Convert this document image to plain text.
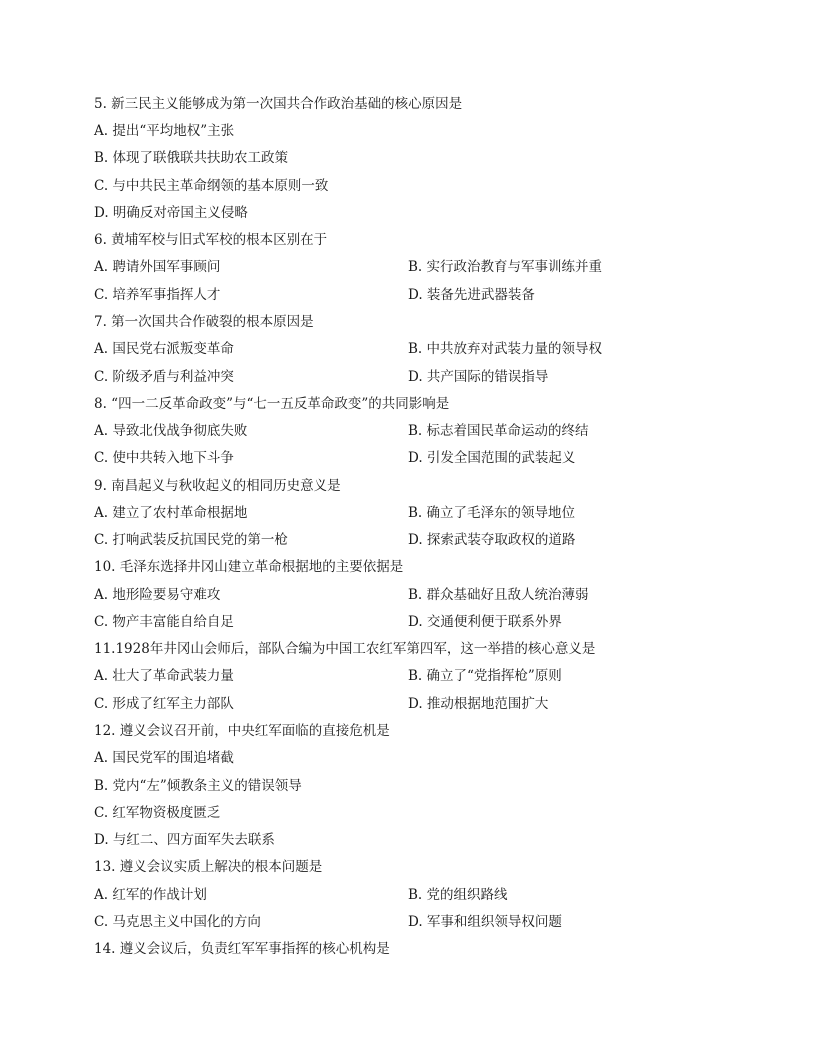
5. 新三民主义能够成为第一次国共合作政治基础的核心原因是
A. 提出“平均地权”主张
B. 体现了联俄联共扶助农工政策
C. 与中共民主革命纲领的基本原则一致
D. 明确反对帝国主义侵略
6. 黄埔军校与旧式军校的根本区别在于
A. 聘请外国军事顾问	B. 实行政治教育与军事训练并重
C. 培养军事指挥人才	D. 装备先进武器装备
7. 第一次国共合作破裂的根本原因是
A. 国民党右派叛变革命	B. 中共放弃对武装力量的领导权
C. 阶级矛盾与利益冲突	D. 共产国际的错误指导
8. “四一二反革命政变”与“七一五反革命政变”的共同影响是
A. 导致北伐战争彻底失败	B. 标志着国民革命运动的终结
C. 使中共转入地下斗争	D. 引发全国范围的武装起义
9. 南昌起义与秋收起义的相同历史意义是
A. 建立了农村革命根据地	B. 确立了毛泽东的领导地位
C. 打响武装反抗国民党的第一枪	D. 探索武装夺取政权的道路
10. 毛泽东选择井冈山建立革命根据地的主要依据是
A. 地形险要易守难攻	B. 群众基础好且敌人统治薄弱
C. 物产丰富能自给自足	D. 交通便利便于联系外界
11.1928年井冈山会师后，部队合编为中国工农红军第四军，这一举措的核心意义是
A. 壮大了革命武装力量	B. 确立了“党指挥枪”原则
C. 形成了红军主力部队	D. 推动根据地范围扩大
12. 遵义会议召开前，中央红军面临的直接危机是
A. 国民党军的围追堵截
B. 党内“左”倾教条主义的错误领导
C. 红军物资极度匮乏
D. 与红二、四方面军失去联系
13. 遵义会议实质上解决的根本问题是
A. 红军的作战计划	B. 党的组织路线
C. 马克思主义中国化的方向	D. 军事和组织领导权问题
14. 遵义会议后，负责红军军事指挥的核心机构是
